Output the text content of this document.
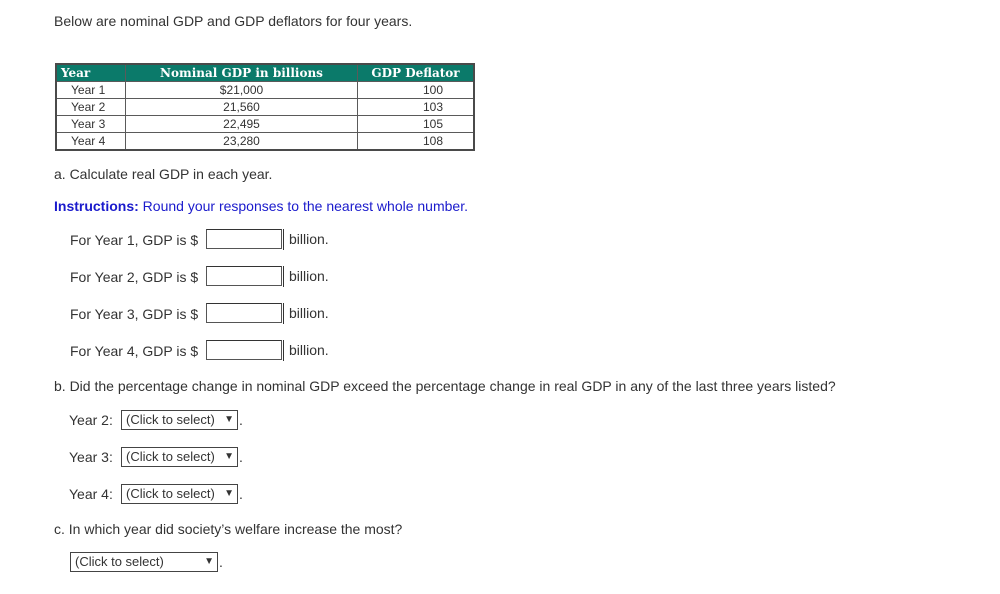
Below are nominal GDP and GDP deflators for four years.
Year	Nominal GDP in billions	GDP Deflator
Year 1	$21,000	100
Year 2	21,560	103
Year 3	22,495	105
Year 4	23,280	108
a. Calculate real GDP in each year.
Instructions: Round your responses to the nearest whole number.
For Year 1, GDP is $	billion.
For Year 2, GDP is $	billion.
For Year 3, GDP is $	billion.
For Year 4, GDP is $	billion.
b. Did the percentage change in nominal GDP exceed the percentage change in real GDP in any of the last three years listed?
Year 2:	(Click to select) ▼ .
Year 3:	(Click to select) ▼ .
Year 4:	(Click to select) ▼ .
c. In which year did society’s welfare increase the most?
(Click to select)	▼ .
